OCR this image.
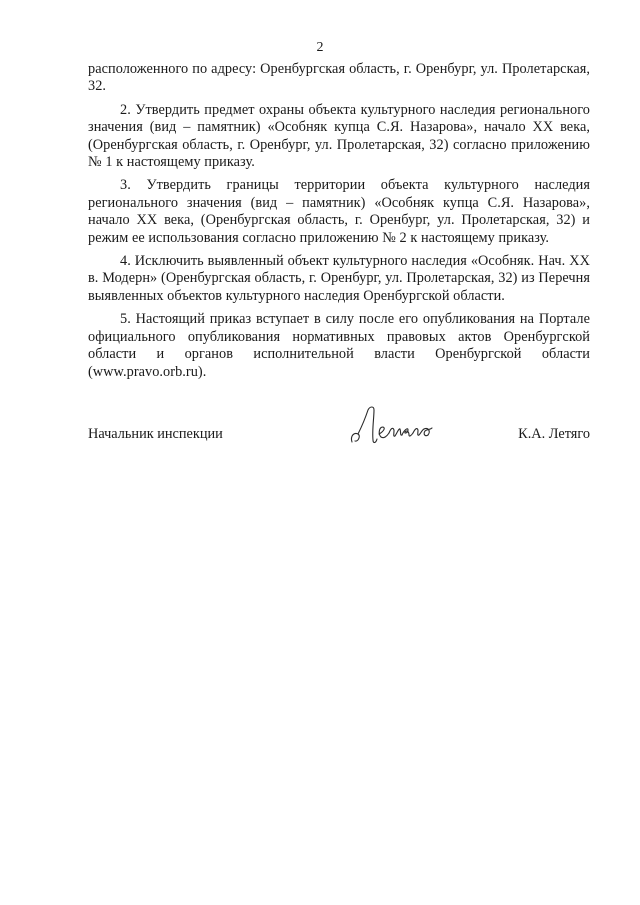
2

расположенного по адресу: Оренбургская область, г. Оренбург, ул. Пролетарская, 32.

2. Утвердить предмет охраны объекта культурного наследия регионального значения (вид – памятник) «Особняк купца С.Я. Назарова», начало XX века, (Оренбургская область, г. Оренбург, ул. Пролетарская, 32) согласно приложению № 1 к настоящему приказу.

3. Утвердить границы территории объекта культурного наследия регионального значения (вид – памятник) «Особняк купца С.Я. Назарова», начало XX века, (Оренбургская область, г. Оренбург, ул. Пролетарская, 32) и режим ее использования согласно приложению № 2 к настоящему приказу.

4. Исключить выявленный объект культурного наследия «Особняк. Нач. XX в. Модерн» (Оренбургская область, г. Оренбург, ул. Пролетарская, 32) из Перечня выявленных объектов культурного наследия Оренбургской области.

5. Настоящий приказ вступает в силу после его опубликования на Портале официального опубликования нормативных правовых актов Оренбургской области и органов исполнительной власти Оренбургской области (www.pravo.orb.ru).

Начальник инспекции	К.А. Летяго
